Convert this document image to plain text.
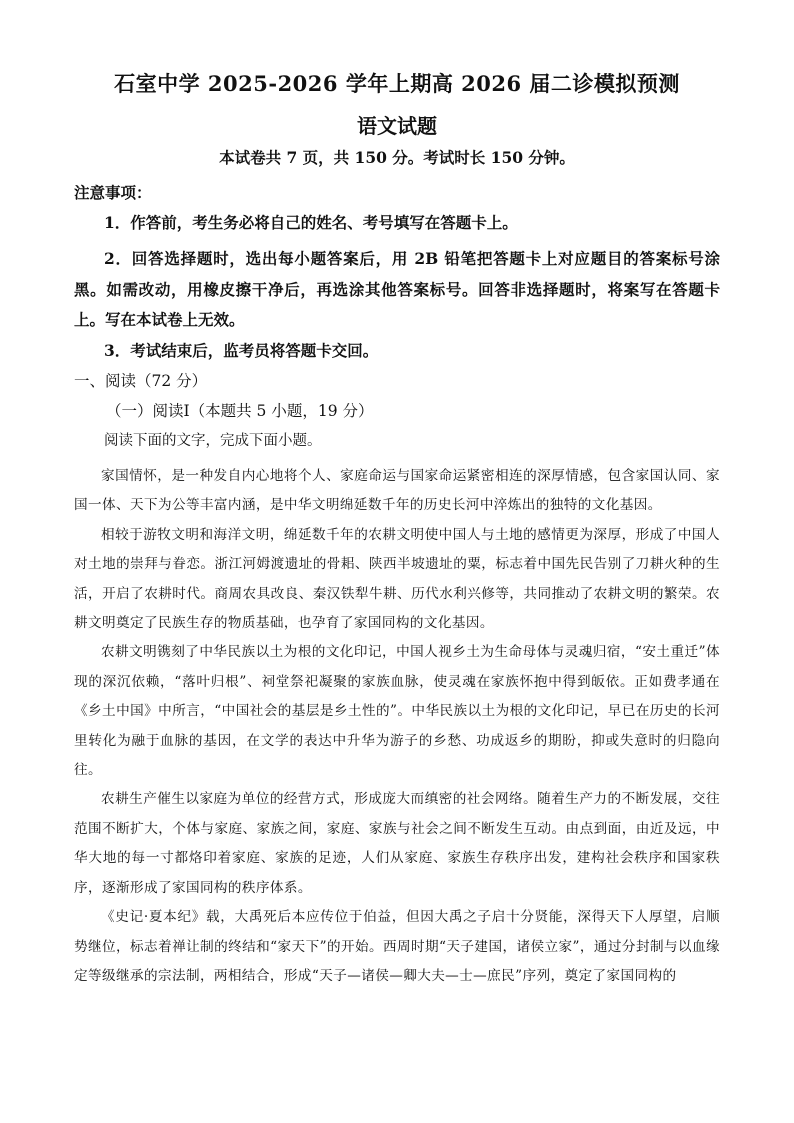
石室中学 2025-2026 学年上期高 2026 届二诊模拟预测
语文试题
本试卷共 7 页，共 150 分。考试时长 150 分钟。
注意事项：
1．作答前，考生务必将自己的姓名、考号填写在答题卡上。
2．回答选择题时，选出每小题答案后，用 2B 铅笔把答题卡上对应题目的答案标号涂黑。如需改动，用橡皮擦干净后，再选涂其他答案标号。回答非选择题时，将案写在答题卡上。写在本试卷上无效。
3．考试结束后，监考员将答题卡交回。
一、阅读（72 分）
（一）阅读Ⅰ（本题共 5 小题，19 分）
阅读下面的文字，完成下面小题。

家国情怀，是一种发自内心地将个人、家庭命运与国家命运紧密相连的深厚情感，包含家国认同、家国一体、天下为公等丰富内涵，是中华文明绵延数千年的历史长河中淬炼出的独特的文化基因。

相较于游牧文明和海洋文明，绵延数千年的农耕文明使中国人与土地的感情更为深厚，形成了中国人对土地的崇拜与眷恋。浙江河姆渡遗址的骨耜、陕西半坡遗址的粟，标志着中国先民告别了刀耕火种的生活，开启了农耕时代。商周农具改良、秦汉铁犁牛耕、历代水利兴修等，共同推动了农耕文明的繁荣。农耕文明奠定了民族生存的物质基础，也孕育了家国同构的文化基因。

农耕文明镌刻了中华民族以土为根的文化印记，中国人视乡土为生命母体与灵魂归宿，“安土重迁”体现的深沉依赖，“落叶归根”、祠堂祭祀凝聚的家族血脉，使灵魂在家族怀抱中得到皈依。正如费孝通在《乡土中国》中所言，“中国社会的基层是乡土性的”。中华民族以土为根的文化印记，早已在历史的长河里转化为融于血脉的基因，在文学的表达中升华为游子的乡愁、功成返乡的期盼，抑或失意时的归隐向往。

农耕生产催生以家庭为单位的经营方式，形成庞大而缜密的社会网络。随着生产力的不断发展，交往范围不断扩大，个体与家庭、家族之间，家庭、家族与社会之间不断发生互动。由点到面，由近及远，中华大地的每一寸都烙印着家庭、家族的足迹，人们从家庭、家族生存秩序出发，建构社会秩序和国家秩序，逐渐形成了家国同构的秩序体系。

《史记·夏本纪》载，大禹死后本应传位于伯益，但因大禹之子启十分贤能，深得天下人厚望，启顺势继位，标志着禅让制的终结和“家天下”的开始。西周时期“天子建国，诸侯立家”，通过分封制与以血缘定等级继承的宗法制，两相结合，形成“天子—诸侯—卿大夫—士—庶民”序列，奠定了家国同构的
